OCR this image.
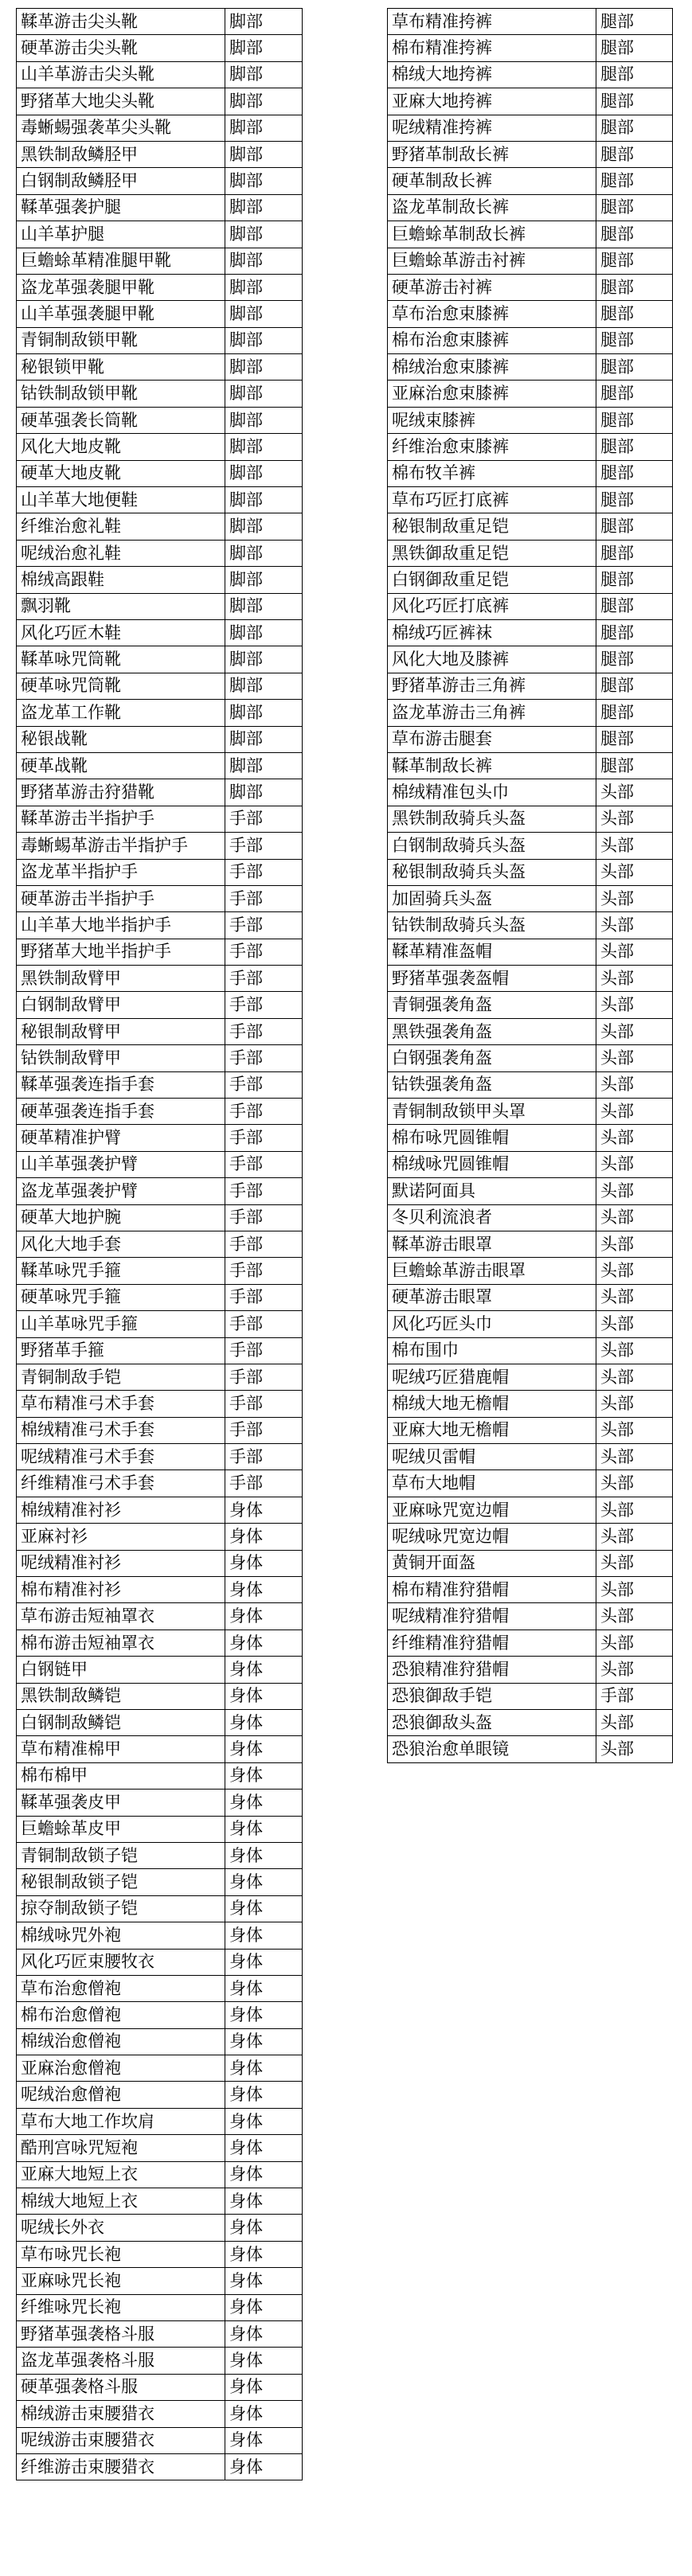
鞣革游击尖头靴	脚部
硬革游击尖头靴	脚部
山羊革游击尖头靴	脚部
野猪革大地尖头靴	脚部
毒蜥蜴强袭革尖头靴	脚部
黑铁制敌鳞胫甲	脚部
白钢制敌鳞胫甲	脚部
鞣革强袭护腿	脚部
山羊革护腿	脚部
巨蟾蜍革精准腿甲靴	脚部
盗龙革强袭腿甲靴	脚部
山羊革强袭腿甲靴	脚部
青铜制敌锁甲靴	脚部
秘银锁甲靴	脚部
钴铁制敌锁甲靴	脚部
硬革强袭长筒靴	脚部
风化大地皮靴	脚部
硬革大地皮靴	脚部
山羊革大地便鞋	脚部
纤维治愈礼鞋	脚部
呢绒治愈礼鞋	脚部
棉绒高跟鞋	脚部
飘羽靴	脚部
风化巧匠木鞋	脚部
鞣革咏咒筒靴	脚部
硬革咏咒筒靴	脚部
盗龙革工作靴	脚部
秘银战靴	脚部
硬革战靴	脚部
野猪革游击狩猎靴	脚部
鞣革游击半指护手	手部
毒蜥蜴革游击半指护手	手部
盗龙革半指护手	手部
硬革游击半指护手	手部
山羊革大地半指护手	手部
野猪革大地半指护手	手部
黑铁制敌臂甲	手部
白钢制敌臂甲	手部
秘银制敌臂甲	手部
钴铁制敌臂甲	手部
鞣革强袭连指手套	手部
硬革强袭连指手套	手部
硬革精准护臂	手部
山羊革强袭护臂	手部
盗龙革强袭护臂	手部
硬革大地护腕	手部
风化大地手套	手部
鞣革咏咒手箍	手部
硬革咏咒手箍	手部
山羊革咏咒手箍	手部
野猪革手箍	手部
青铜制敌手铠	手部
草布精准弓术手套	手部
棉绒精准弓术手套	手部
呢绒精准弓术手套	手部
纤维精准弓术手套	手部
棉绒精准衬衫	身体
亚麻衬衫	身体
呢绒精准衬衫	身体
棉布精准衬衫	身体
草布游击短袖罩衣	身体
棉布游击短袖罩衣	身体
白钢链甲	身体
黑铁制敌鳞铠	身体
白钢制敌鳞铠	身体
草布精准棉甲	身体
棉布棉甲	身体
鞣革强袭皮甲	身体
巨蟾蜍革皮甲	身体
青铜制敌锁子铠	身体
秘银制敌锁子铠	身体
掠夺制敌锁子铠	身体
棉绒咏咒外袍	身体
风化巧匠束腰牧衣	身体
草布治愈僧袍	身体
棉布治愈僧袍	身体
棉绒治愈僧袍	身体
亚麻治愈僧袍	身体
呢绒治愈僧袍	身体
草布大地工作坎肩	身体
酷刑宫咏咒短袍	身体
亚麻大地短上衣	身体
棉绒大地短上衣	身体
呢绒长外衣	身体
草布咏咒长袍	身体
亚麻咏咒长袍	身体
纤维咏咒长袍	身体
野猪革强袭格斗服	身体
盗龙革强袭格斗服	身体
硬革强袭格斗服	身体
棉绒游击束腰猎衣	身体
呢绒游击束腰猎衣	身体
纤维游击束腰猎衣	身体
草布精准挎裤	腿部
棉布精准挎裤	腿部
棉绒大地挎裤	腿部
亚麻大地挎裤	腿部
呢绒精准挎裤	腿部
野猪革制敌长裤	腿部
硬革制敌长裤	腿部
盗龙革制敌长裤	腿部
巨蟾蜍革制敌长裤	腿部
巨蟾蜍革游击衬裤	腿部
硬革游击衬裤	腿部
草布治愈束膝裤	腿部
棉布治愈束膝裤	腿部
棉绒治愈束膝裤	腿部
亚麻治愈束膝裤	腿部
呢绒束膝裤	腿部
纤维治愈束膝裤	腿部
棉布牧羊裤	腿部
草布巧匠打底裤	腿部
秘银制敌重足铠	腿部
黑铁御敌重足铠	腿部
白钢御敌重足铠	腿部
风化巧匠打底裤	腿部
棉绒巧匠裤袜	腿部
风化大地及膝裤	腿部
野猪革游击三角裤	腿部
盗龙革游击三角裤	腿部
草布游击腿套	腿部
鞣革制敌长裤	腿部
棉绒精准包头巾	头部
黑铁制敌骑兵头盔	头部
白钢制敌骑兵头盔	头部
秘银制敌骑兵头盔	头部
加固骑兵头盔	头部
钴铁制敌骑兵头盔	头部
鞣革精准盔帽	头部
野猪革强袭盔帽	头部
青铜强袭角盔	头部
黑铁强袭角盔	头部
白钢强袭角盔	头部
钴铁强袭角盔	头部
青铜制敌锁甲头罩	头部
棉布咏咒圆锥帽	头部
棉绒咏咒圆锥帽	头部
默诺阿面具	头部
冬贝利流浪者	头部
鞣革游击眼罩	头部
巨蟾蜍革游击眼罩	头部
硬革游击眼罩	头部
风化巧匠头巾	头部
棉布围巾	头部
呢绒巧匠猎鹿帽	头部
棉绒大地无檐帽	头部
亚麻大地无檐帽	头部
呢绒贝雷帽	头部
草布大地帽	头部
亚麻咏咒宽边帽	头部
呢绒咏咒宽边帽	头部
黄铜开面盔	头部
棉布精准狩猎帽	头部
呢绒精准狩猎帽	头部
纤维精准狩猎帽	头部
恐狼精准狩猎帽	头部
恐狼御敌手铠	手部
恐狼御敌头盔	头部
恐狼治愈单眼镜	头部
